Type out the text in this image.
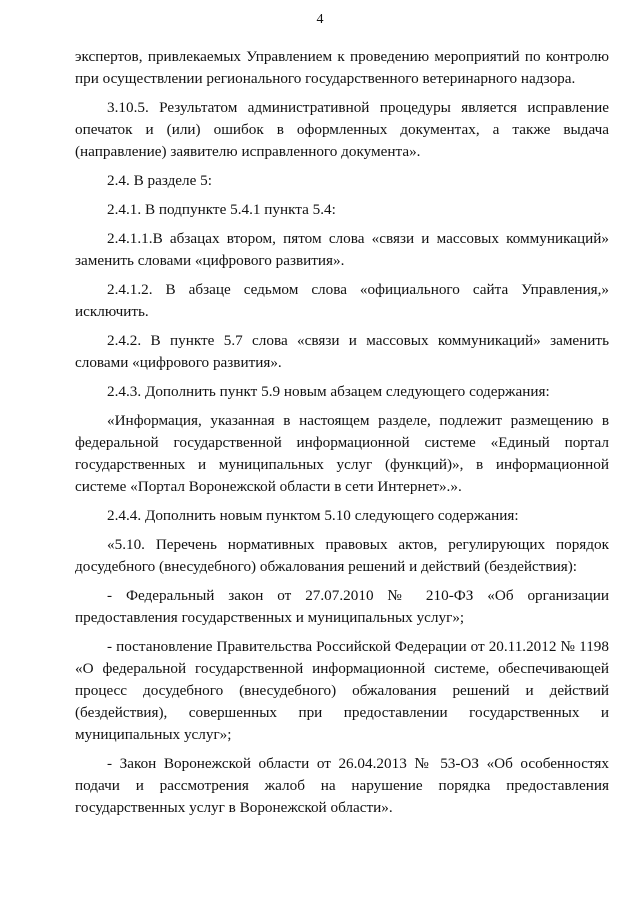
4

экспертов, привлекаемых Управлением к проведению мероприятий по контролю при осуществлении регионального государственного ветеринарного надзора.

3.10.5. Результатом административной процедуры является исправление опечаток и (или) ошибок в оформленных документах, а также выдача (направление) заявителю исправленного документа».

2.4. В разделе 5:

2.4.1. В подпункте 5.4.1 пункта 5.4:

2.4.1.1.В абзацах втором, пятом слова «связи и массовых коммуникаций» заменить словами «цифрового развития».

2.4.1.2. В абзаце седьмом слова «официального сайта Управления,» исключить.

2.4.2. В пункте 5.7 слова «связи и массовых коммуникаций» заменить словами «цифрового развития».

2.4.3. Дополнить пункт 5.9 новым абзацем следующего содержания:

«Информация, указанная в настоящем разделе, подлежит размещению в федеральной государственной информационной системе «Единый портал государственных и муниципальных услуг (функций)», в информационной системе «Портал Воронежской области в сети Интернет».».

2.4.4. Дополнить новым пунктом 5.10 следующего содержания:

«5.10. Перечень нормативных правовых актов, регулирующих порядок досудебного (внесудебного) обжалования решений и действий (бездействия):

- Федеральный закон от 27.07.2010 № 210-ФЗ «Об организации предоставления государственных и муниципальных услуг»;

- постановление Правительства Российской Федерации от 20.11.2012 № 1198 «О федеральной государственной информационной системе, обеспечивающей процесс досудебного (внесудебного) обжалования решений и действий (бездействия), совершенных при предоставлении государственных и муниципальных услуг»;

- Закон Воронежской области от 26.04.2013 № 53-ОЗ «Об особенностях подачи и рассмотрения жалоб на нарушение порядка предоставления государственных услуг в Воронежской области».
